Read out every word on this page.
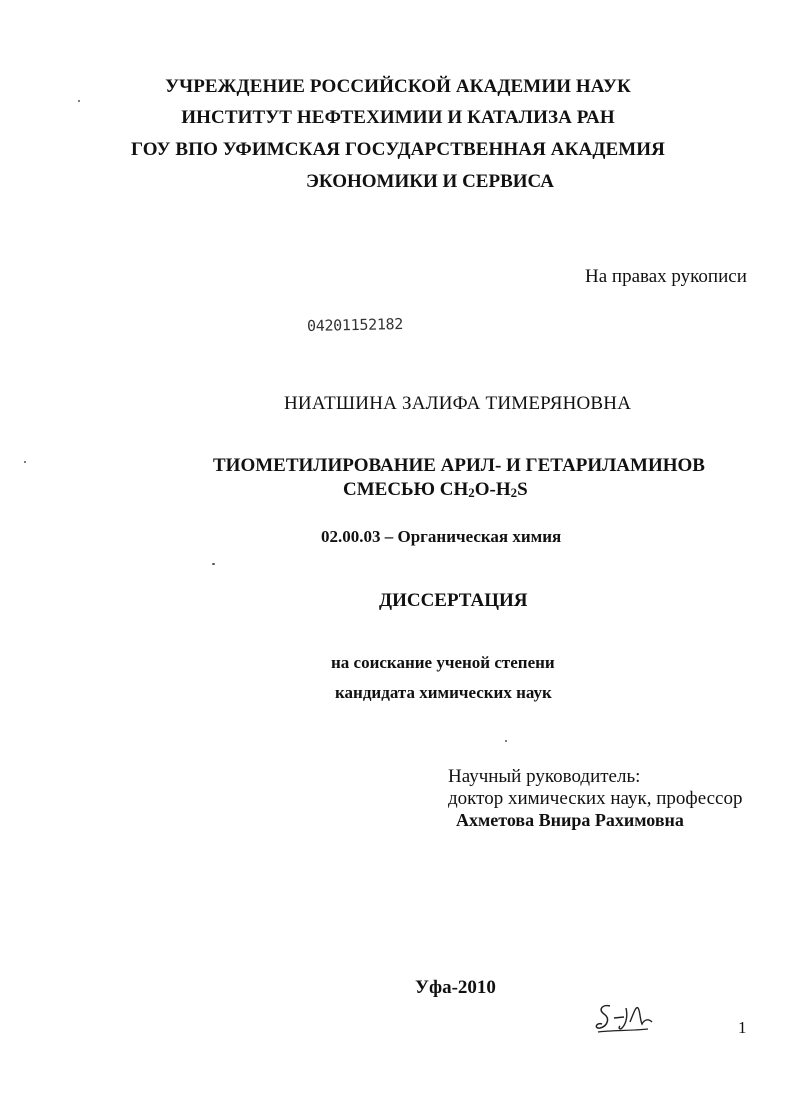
УЧРЕЖДЕНИЕ РОССИЙСКОЙ АКАДЕМИИ НАУК
ИНСТИТУТ НЕФТЕХИМИИ И КАТАЛИЗА РАН
ГОУ ВПО УФИМСКАЯ ГОСУДАРСТВЕННАЯ АКАДЕМИЯ
ЭКОНОМИКИ И СЕРВИСА
На правах рукописи
04201152182
НИАТШИНА ЗАЛИФА ТИМЕРЯНОВНА
ТИОМЕТИЛИРОВАНИЕ АРИЛ- И ГЕТАРИЛАМИНОВ
СМЕСЬЮ $CH_2O-H_2S$
02.00.03 – Органическая химия
ДИССЕРТАЦИЯ
на соискание ученой степени
кандидата химических наук
Научный руководитель:
доктор химических наук, профессор
Ахметова Внира Рахимовна
Уфа-2010
1
